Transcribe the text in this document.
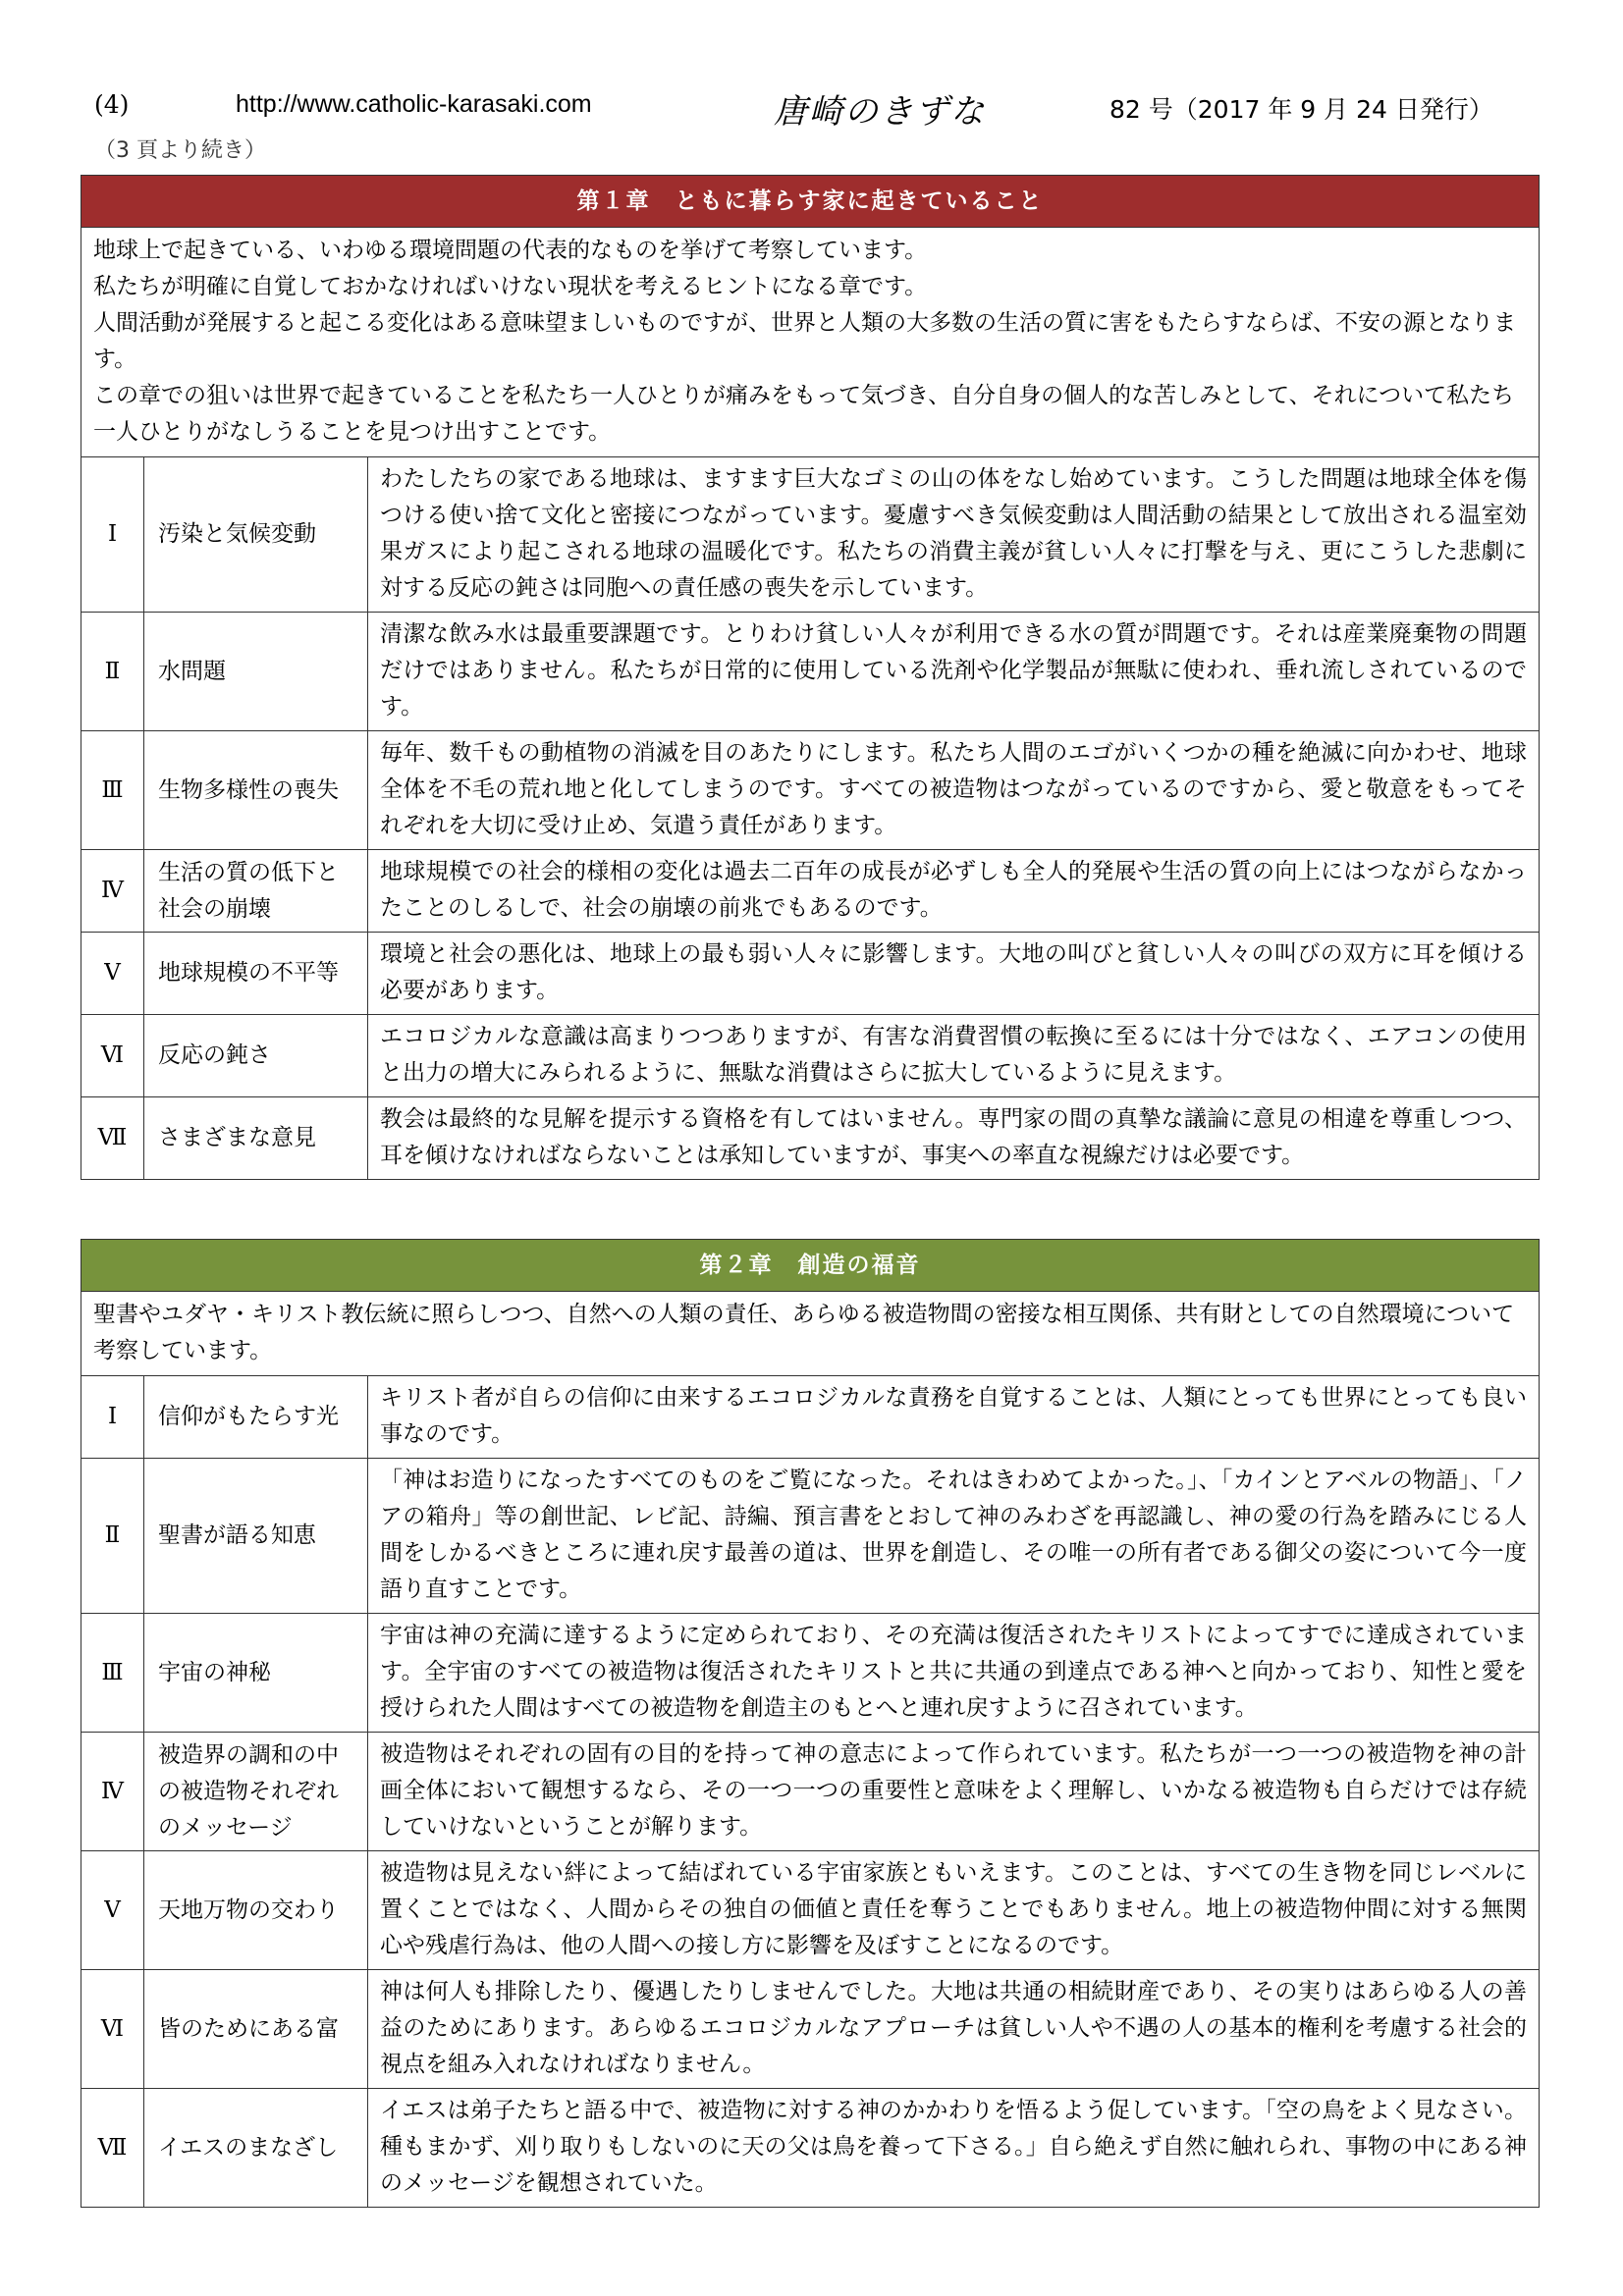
(4)	http://www.catholic-karasaki.com	唐崎のきずな	82 号（2017 年 9 月 24 日発行）
（3 頁より続き）
第１章　ともに暮らす家に起きていること		

地球上で起きている、いわゆる環境問題の代表的なものを挙げて考察しています。
私たちが明確に自覚しておかなければいけない現状を考えるヒントになる章です。
人間活動が発展すると起こる変化はある意味望ましいものですが、世界と人類の大多数の生活の質に害をもたらすならば、不安の源となります。
この章での狙いは世界で起きていることを私たち一人ひとりが痛みをもって気づき、自分自身の個人的な苦しみとして、それについて私たち一人ひとりがなしうることを見つけ出すことです。		

Ⅰ	汚染と気候変動	わたしたちの家である地球は、ますます巨大なゴミの山の体をなし始めています。こうした問題は地球全体を傷つける使い捨て文化と密接につながっています。憂慮すべき気候変動は人間活動の結果として放出される温室効果ガスにより起こされる地球の温暖化です。私たちの消費主義が貧しい人々に打撃を与え、更にこうした悲劇に対する反応の鈍さは同胞への責任感の喪失を示しています。
Ⅱ	水問題	清潔な飲み水は最重要課題です。とりわけ貧しい人々が利用できる水の質が問題です。それは産業廃棄物の問題だけではありません。私たちが日常的に使用している洗剤や化学製品が無駄に使われ、垂れ流しされているのです。
Ⅲ	生物多様性の喪失	毎年、数千もの動植物の消滅を目のあたりにします。私たち人間のエゴがいくつかの種を絶滅に向かわせ、地球全体を不毛の荒れ地と化してしまうのです。すべての被造物はつながっているのですから、愛と敬意をもってそれぞれを大切に受け止め、気遣う責任があります。
Ⅳ	生活の質の低下と社会の崩壊	地球規模での社会的様相の変化は過去二百年の成長が必ずしも全人的発展や生活の質の向上にはつながらなかったことのしるしで、社会の崩壊の前兆でもあるのです。
Ⅴ	地球規模の不平等	環境と社会の悪化は、地球上の最も弱い人々に影響します。大地の叫びと貧しい人々の叫びの双方に耳を傾ける必要があります。
Ⅵ	反応の鈍さ	エコロジカルな意識は高まりつつありますが、有害な消費習慣の転換に至るには十分ではなく、エアコンの使用と出力の増大にみられるように、無駄な消費はさらに拡大しているように見えます。
Ⅶ	さまざまな意見	教会は最終的な見解を提示する資格を有してはいません。専門家の間の真摯な議論に意見の相違を尊重しつつ、耳を傾けなければならないことは承知していますが、事実への率直な視線だけは必要です。
第２章　創造の福音		

聖書やユダヤ・キリスト教伝統に照らしつつ、自然への人類の責任、あらゆる被造物間の密接な相互関係、共有財としての自然環境について考察しています。		

Ⅰ	信仰がもたらす光	キリスト者が自らの信仰に由来するエコロジカルな責務を自覚することは、人類にとっても世界にとっても良い事なのです。
Ⅱ	聖書が語る知恵	「神はお造りになったすべてのものをご覧になった。それはきわめてよかった。」、「カインとアベルの物語」、「ノアの箱舟」等の創世記、レビ記、詩編、預言書をとおして神のみわざを再認識し、神の愛の行為を踏みにじる人間をしかるべきところに連れ戻す最善の道は、世界を創造し、その唯一の所有者である御父の姿について今一度語り直すことです。
Ⅲ	宇宙の神秘	宇宙は神の充満に達するように定められており、その充満は復活されたキリストによってすでに達成されています。全宇宙のすべての被造物は復活されたキリストと共に共通の到達点である神へと向かっており、知性と愛を授けられた人間はすべての被造物を創造主のもとへと連れ戻すように召されています。
Ⅳ	被造界の調和の中の被造物それぞれのメッセージ	被造物はそれぞれの固有の目的を持って神の意志によって作られています。私たちが一つ一つの被造物を神の計画全体において観想するなら、その一つ一つの重要性と意味をよく理解し、いかなる被造物も自らだけでは存続していけないということが解ります。
Ⅴ	天地万物の交わり	被造物は見えない絆によって結ばれている宇宙家族ともいえます。このことは、すべての生き物を同じレベルに置くことではなく、人間からその独自の価値と責任を奪うことでもありません。地上の被造物仲間に対する無関心や残虐行為は、他の人間への接し方に影響を及ぼすことになるのです。
Ⅵ	皆のためにある富	神は何人も排除したり、優遇したりしませんでした。大地は共通の相続財産であり、その実りはあらゆる人の善益のためにあります。あらゆるエコロジカルなアプローチは貧しい人や不遇の人の基本的権利を考慮する社会的視点を組み入れなければなりません。
Ⅶ	イエスのまなざし	イエスは弟子たちと語る中で、被造物に対する神のかかわりを悟るよう促しています。「空の鳥をよく見なさい。種もまかず、刈り取りもしないのに天の父は鳥を養って下さる。」自ら絶えず自然に触れられ、事物の中にある神のメッセージを観想されていた。
